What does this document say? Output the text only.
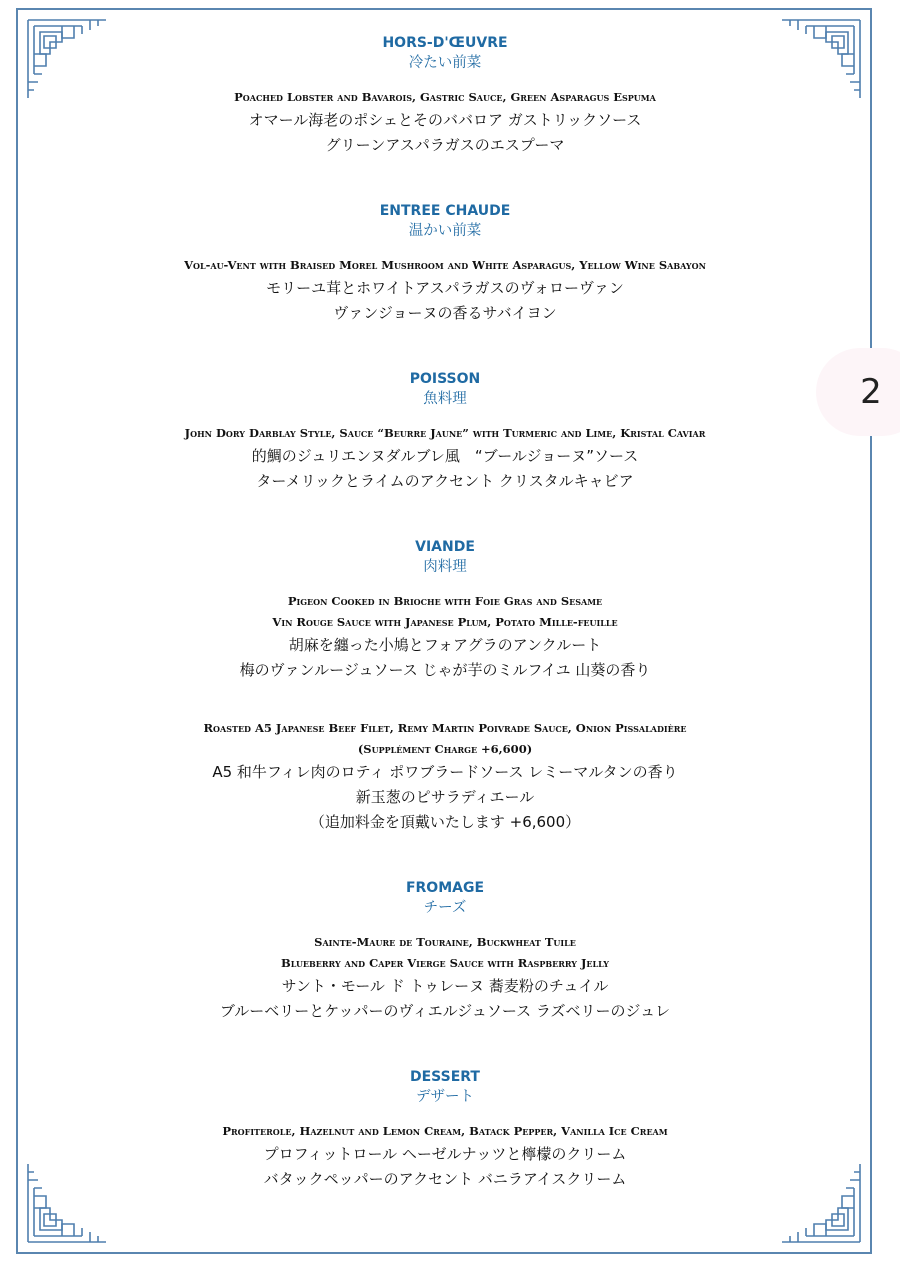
2

HORS-D'ŒUVRE

冷たい前菜

Poached Lobster and Bavarois, Gastric Sauce, Green Asparagus Espuma
オマール海老のポシェとそのババロア ガストリックソース
グリーンアスパラガスのエスプーマ

ENTREE CHAUDE

温かい前菜

Vol-au-Vent with Braised Morel Mushroom and White Asparagus, Yellow Wine Sabayon
モリーユ茸とホワイトアスパラガスのヴォローヴァン
ヴァンジョーヌの香るサバイヨン

POISSON

魚料理

John Dory Darblay Style, Sauce “Beurre Jaune” with Turmeric and Lime, Kristal Caviar
的鯛のジュリエンヌダルブレ風　“ブールジョーヌ”ソース
ターメリックとライムのアクセント クリスタルキャビア

VIANDE

肉料理

Pigeon Cooked in Brioche with Foie Gras and Sesame
Vin Rouge Sauce with Japanese Plum, Potato Mille-feuille
胡麻を纏った小鳩とフォアグラのアンクルート
梅のヴァンルージュソース じゃが芋のミルフイユ 山葵の香り
Roasted A5 Japanese Beef Filet, Remy Martin Poivrade Sauce, Onion Pissaladière
(Supplément Charge +6,600)
A5 和牛フィレ肉のロティ ポワブラードソース レミーマルタンの香り
新玉葱のピサラディエール
（追加料金を頂戴いたします +6,600）

FROMAGE

チーズ

Sainte-Maure de Touraine, Buckwheat Tuile
Blueberry and Caper Vierge Sauce with Raspberry Jelly
サント・モール ド トゥレーヌ 蕎麦粉のチュイル
ブルーベリーとケッパーのヴィエルジュソース ラズベリーのジュレ

DESSERT

デザート

Profiterole, Hazelnut and Lemon Cream, Batack Pepper, Vanilla Ice Cream
プロフィットロール ヘーゼルナッツと檸檬のクリーム
バタックペッパーのアクセント バニラアイスクリーム
